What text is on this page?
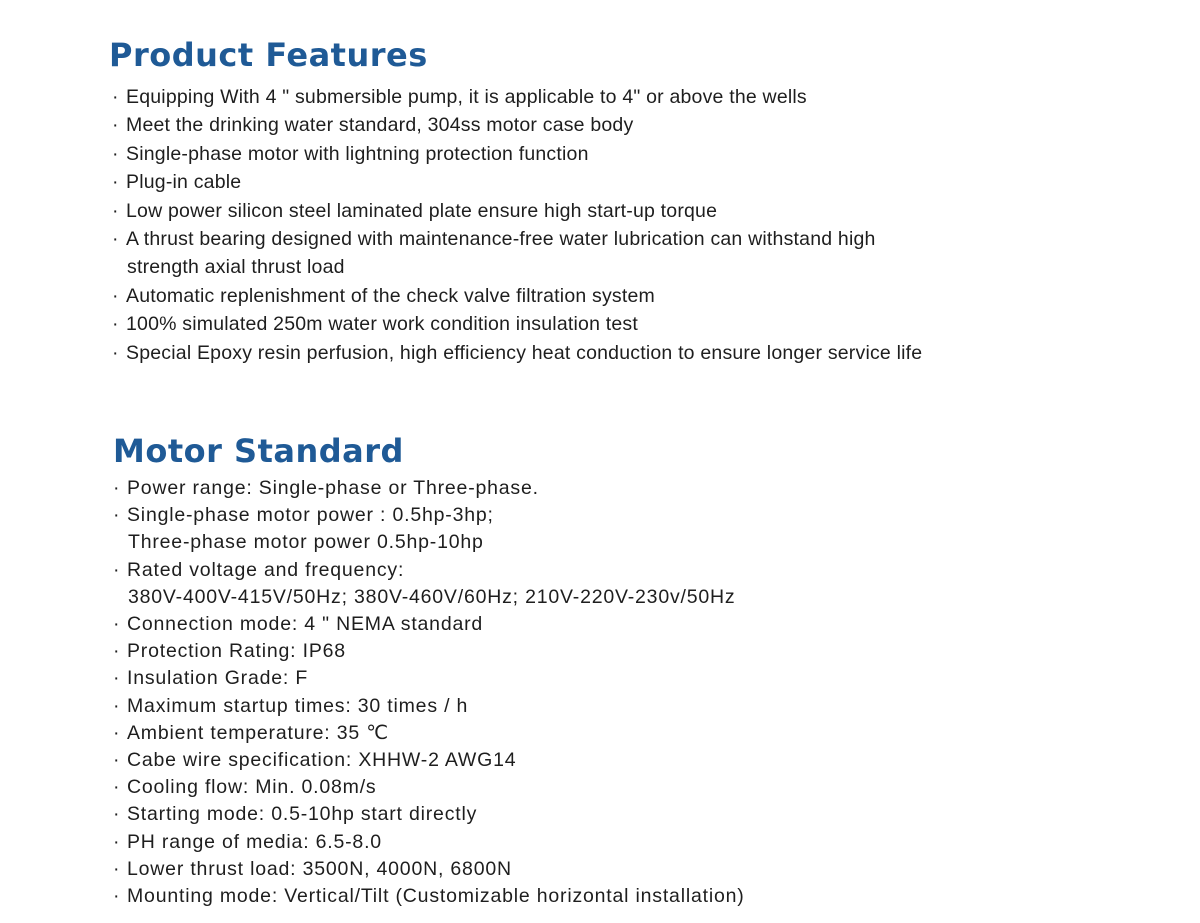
Product Features
· Equipping With 4 " submersible pump, it is applicable to 4" or above the wells
· Meet the drinking water standard, 304ss motor case body
· Single-phase motor with lightning protection function
· Plug-in cable
· Low power silicon steel laminated plate ensure high start-up torque
· A thrust bearing designed with maintenance-free water lubrication can withstand high
strength axial thrust load
· Automatic replenishment of the check valve filtration system
· 100% simulated 250m water work condition insulation test
· Special Epoxy resin perfusion, high efficiency heat conduction to ensure longer service life
Motor Standard
· Power range: Single-phase or Three-phase.
· Single-phase motor power : 0.5hp-3hp;
Three-phase motor power 0.5hp-10hp
· Rated voltage and frequency:
380V-400V-415V/50Hz; 380V-460V/60Hz; 210V-220V-230v/50Hz
· Connection mode: 4 " NEMA standard
· Protection Rating: IP68
· Insulation Grade: F
· Maximum startup times: 30 times / h
· Ambient temperature: 35 ℃
· Cabe wire specification: XHHW-2 AWG14
· Cooling flow: Min. 0.08m/s
· Starting mode: 0.5-10hp start directly
· PH range of media: 6.5-8.0
· Lower thrust load: 3500N, 4000N, 6800N
· Mounting mode: Vertical/Tilt (Customizable horizontal installation)
